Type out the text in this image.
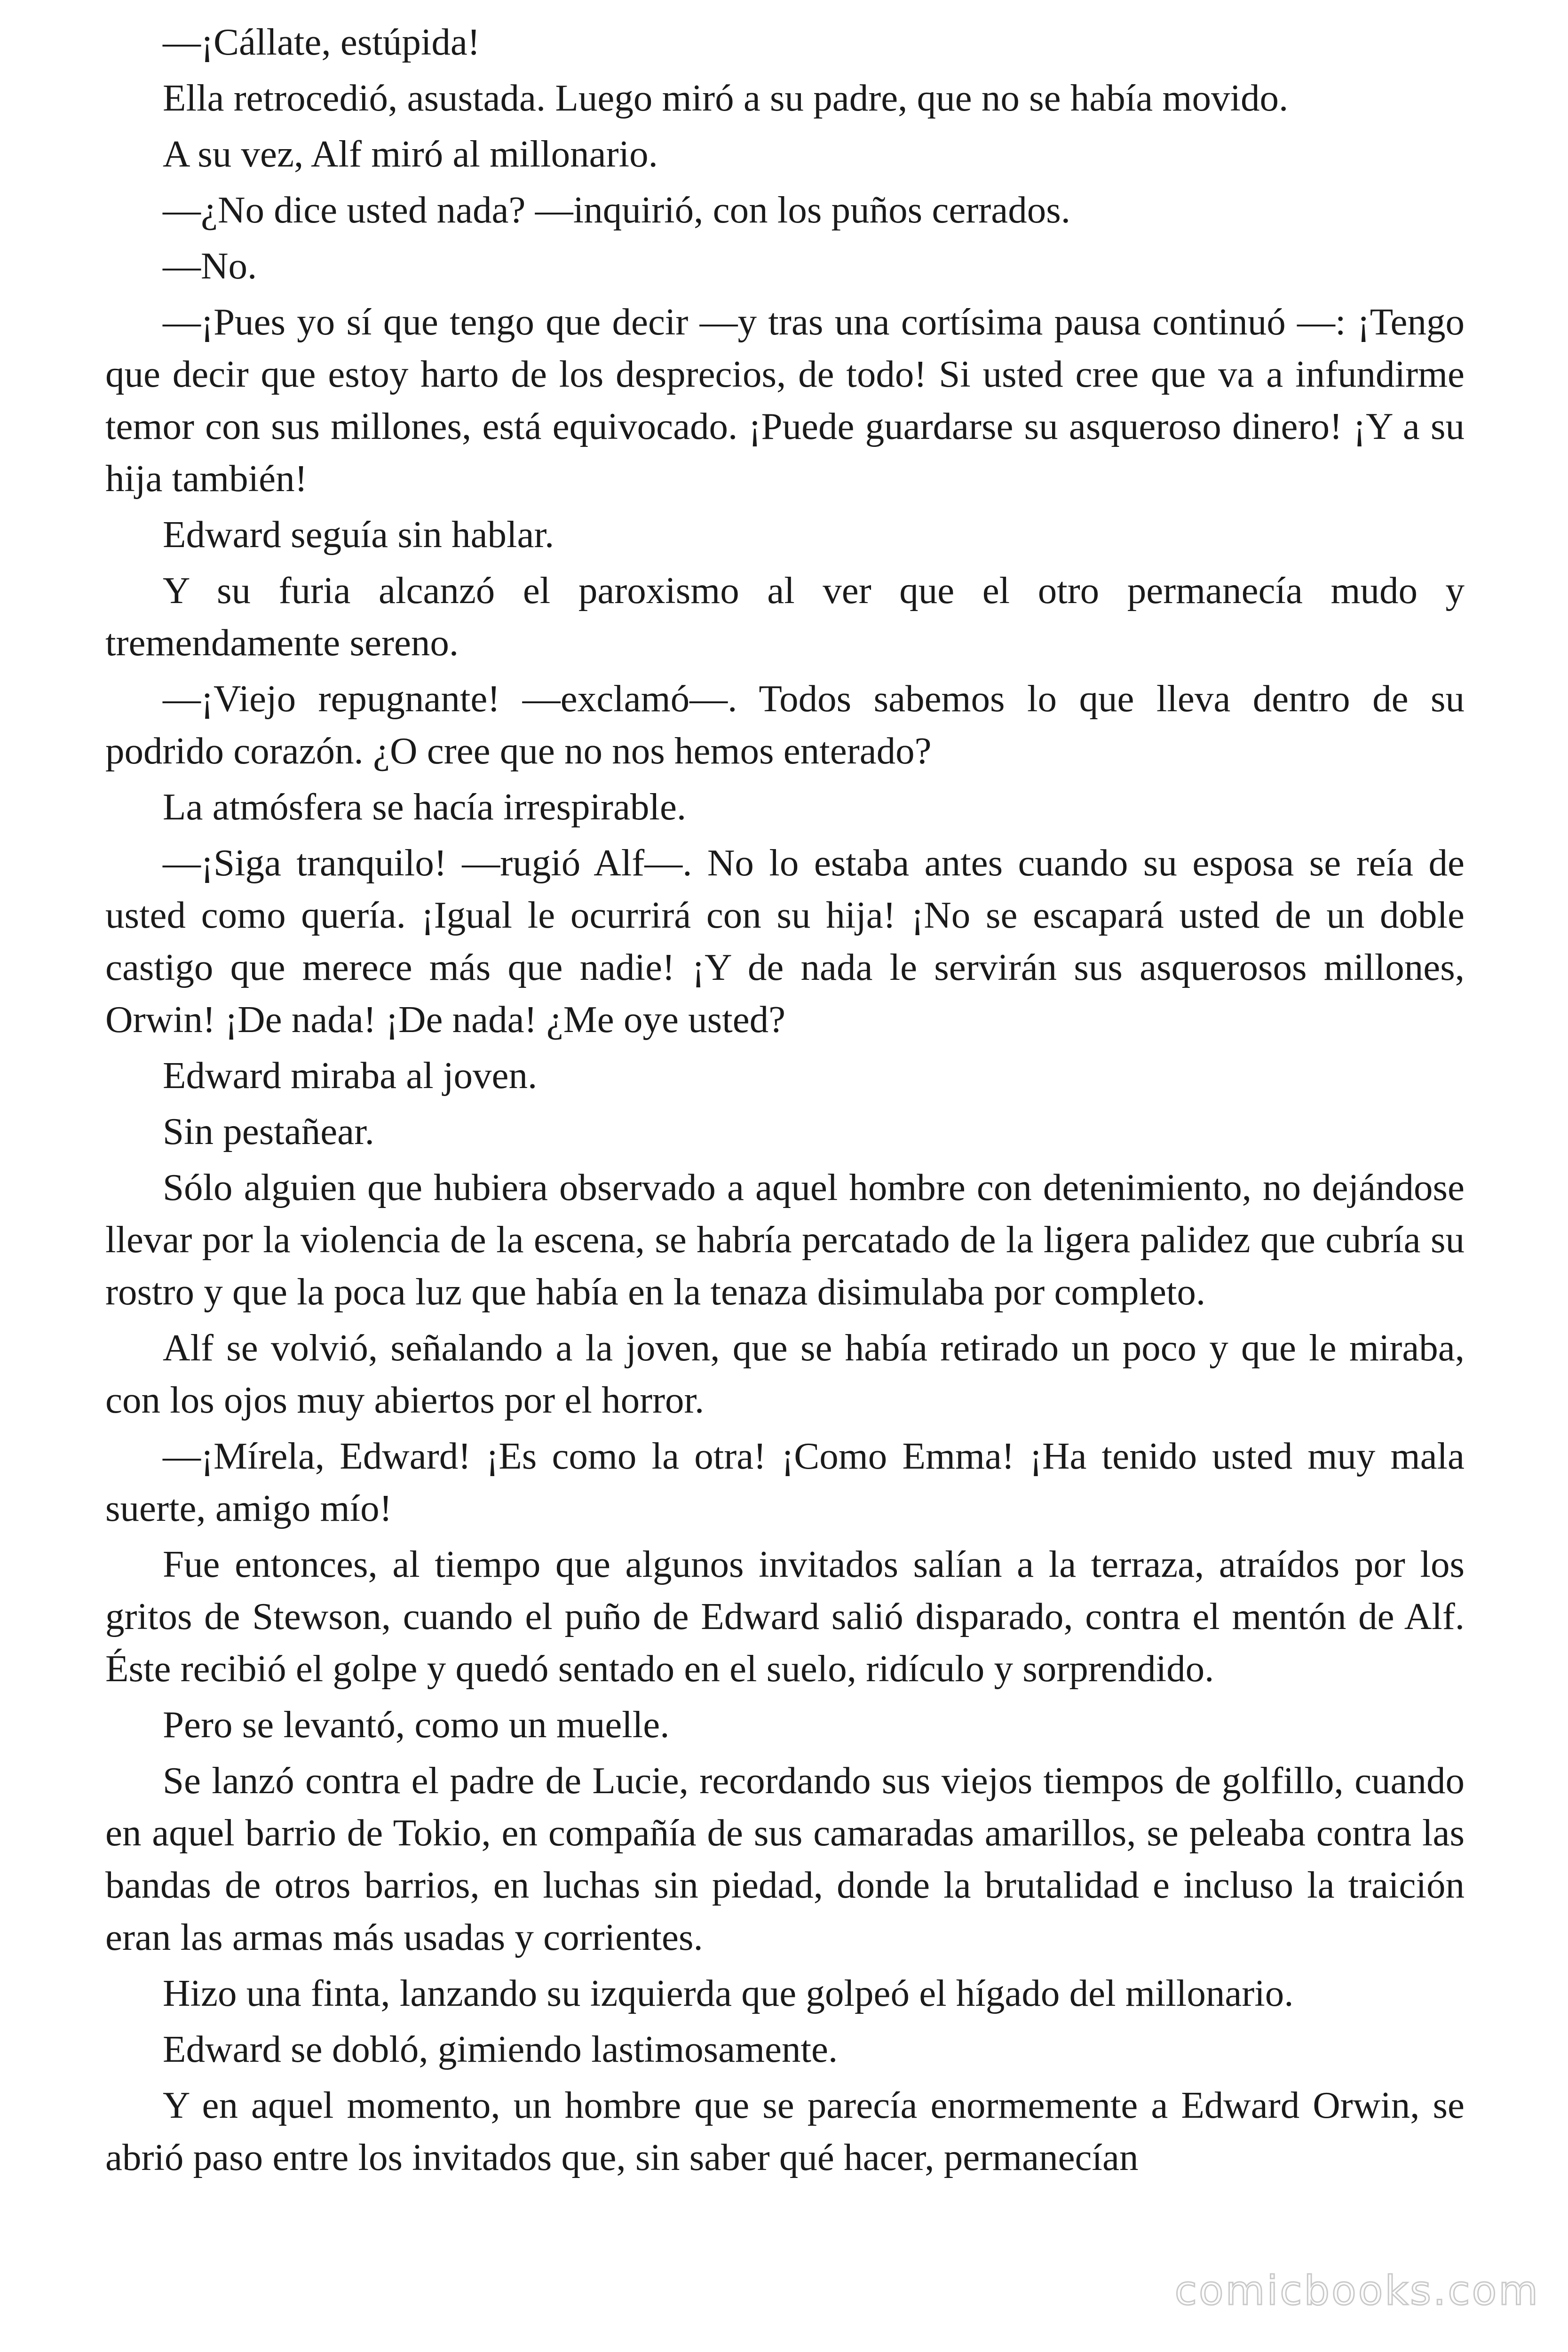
—¡Cállate, estúpida!

Ella retrocedió, asustada. Luego miró a su padre, que no se había movido.

A su vez, Alf miró al millonario.

—¿No dice usted nada? —inquirió, con los puños cerrados.

—No.

—¡Pues yo sí que tengo que decir —y tras una cortísima pausa continuó —: ¡Tengo que decir que estoy harto de los desprecios, de todo! Si usted cree que va a infundirme temor con sus millones, está equivocado. ¡Puede guardarse su asqueroso dinero! ¡Y a su hija también!

Edward seguía sin hablar.

Y su furia alcanzó el paroxismo al ver que el otro permanecía mudo y tremendamente sereno.

—¡Viejo repugnante! —exclamó—. Todos sabemos lo que lleva dentro de su podrido corazón. ¿O cree que no nos hemos enterado?

La atmósfera se hacía irrespirable.

—¡Siga tranquilo! —rugió Alf—. No lo estaba antes cuando su esposa se reía de usted como quería. ¡Igual le ocurrirá con su hija! ¡No se escapará usted de un doble castigo que merece más que nadie! ¡Y de nada le servirán sus asquerosos millones, Orwin! ¡De nada! ¡De nada! ¿Me oye usted?

Edward miraba al joven.

Sin pestañear.

Sólo alguien que hubiera observado a aquel hombre con detenimiento, no dejándose llevar por la violencia de la escena, se habría percatado de la ligera palidez que cubría su rostro y que la poca luz que había en la tenaza disimulaba por completo.

Alf se volvió, señalando a la joven, que se había retirado un poco y que le miraba, con los ojos muy abiertos por el horror.

—¡Mírela, Edward! ¡Es como la otra! ¡Como Emma! ¡Ha tenido usted muy mala suerte, amigo mío!

Fue entonces, al tiempo que algunos invitados salían a la terraza, atraídos por los gritos de Stewson, cuando el puño de Edward salió disparado, contra el mentón de Alf. Éste recibió el golpe y quedó sentado en el suelo, ridículo y sorprendido.

Pero se levantó, como un muelle.

Se lanzó contra el padre de Lucie, recordando sus viejos tiempos de golfillo, cuando en aquel barrio de Tokio, en compañía de sus camaradas amarillos, se peleaba contra las bandas de otros barrios, en luchas sin piedad, donde la brutalidad e incluso la traición eran las armas más usadas y corrientes.

Hizo una finta, lanzando su izquierda que golpeó el hígado del millonario.

Edward se dobló, gimiendo lastimosamente.

Y en aquel momento, un hombre que se parecía enormemente a Edward Orwin, se abrió paso entre los invitados que, sin saber qué hacer, permanecían

comicbooks.com
